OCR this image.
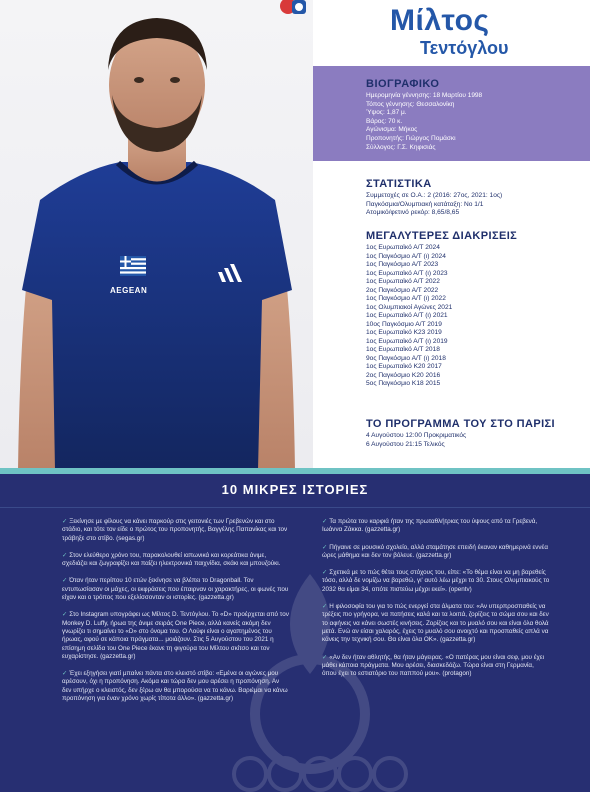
AEGEAN
Μίλτος
Τεντόγλου
ΒΙΟΓΡΑΦΙΚΟ
Ημερομηνία γέννησης: 18 Μαρτίου 1998
Τόπος γέννησης: Θεσσαλονίκη
Ύψος: 1,87 μ.
Βάρος: 70 κ.
Αγώνισμα: Μήκος
Προπονητής: Γιώργος Πομάσκι
Σύλλογος: Γ.Σ. Κηφισιάς
ΣΤΑΤΙΣΤΙΚΑ
Συμμετοχές σε Ο.Α.: 2 (2016: 27ος, 2021: 1ος)
Παγκόσμια/Ολυμπιακή κατάταξη: Νο 1/1
Ατομικό/φετινό ρεκόρ: 8,65/8,65
ΜΕΓΑΛΥΤΕΡΕΣ ΔΙΑΚΡΙΣΕΙΣ
1ος Ευρωπαϊκό Α/Τ 2024
1ος Παγκόσμιο Α/Τ (ι) 2024
1ος Παγκόσμιο Α/Τ 2023
1ος Ευρωπαϊκό Α/Τ (ι) 2023
1ος Ευρωπαϊκό Α/Τ 2022
2ος Παγκόσμιο Α/Τ 2022
1ος Παγκόσμιο Α/Τ (ι) 2022
1ος Ολυμπιακοί Αγώνες 2021
1ος Ευρωπαϊκό Α/Τ (ι) 2021
10ος Παγκόσμιο Α/Τ 2019
1ος Ευρωπαϊκό Κ23 2019
1ος Ευρωπαϊκό Α/Τ (ι) 2019
1ος Ευρωπαϊκό Α/Τ 2018
9ος Παγκόσμιο Α/Τ (ι) 2018
1ος Ευρωπαϊκό Κ20 2017
2ος Παγκόσμιο Κ20 2016
5ος Παγκόσμιο Κ18 2015
ΤΟ ΠΡΟΓΡΑΜΜΑ ΤΟΥ ΣΤΟ ΠΑΡΙΣΙ
4 Αυγούστου 12:00 Προκριματικός
6 Αυγούστου 21:15 Τελικός
10 ΜΙΚΡΕΣ ΙΣΤΟΡΙΕΣ
✓ Ξεκίνησε με φίλους να κάνει παρκούρ στις γειτονιές των Γρεβενών και στο στάδιο, και τότε τον είδε ο πρώτος του προπονητής, Βαγγέλης Παπανίκας και τον τράβηξε στο στίβο. (segas.gr)
✓ Στον ελεύθερο χρόνο του, παρακολουθεί ιαπωνικά και κορεάτικα άνιμε, σχεδιάζει και ζωγραφίζει και παίζει ηλεκτρονικά παιχνίδια, σκάκι και μπουζούκι.
✓ Όταν ήταν περίπου 10 ετών ξεκίνησε να βλέπει το Dragonball. Τον εντυπωσίασαν οι μάχες, οι εκφράσεις που έπαιρναν οι χαρακτήρες, οι φωνές που είχαν και ο τρόπος που εξελίσσονταν οι ιστορίες. (gazzetta.gr)
✓ Στο Instagram υπογράφει ως Μίλτος D. Τεντόγλου. Το «D» προέρχεται από τον Monkey D. Luffy, ήρωα της άνιμε σειράς One Piece, αλλά κανείς ακόμη δεν γνωρίζει τι σημαίνει το «D» στο όνομα του. Ο Λούφι είναι ο αγαπημένος του ήρωας, αφού σε κάποια πράγματα... μοιάζουν. Στις 5 Αυγούστου του 2021 η επίσημη σελίδα του One Piece έκανε τη φιγούρα του Μίλτου σκίτσο και τον ευχαρίστησε. (gazzetta.gr)
✓ Έχει εξηγήσει γιατί μπαίνει πάντα στο κλειστό στίβο: «Εμένα οι αγώνες μου αρέσουν, όχι η προπόνηση. Ακόμα και τώρα δεν μου αρέσει η προπόνηση. Αν δεν υπήρχε ο κλειστός, δεν ξέρω αν θα μπορούσα να το κάνω. Βαριέμαι να κάνω προπόνηση για έναν χρόνο χωρίς τίποτα άλλο». (gazzetta.gr)
✓ Τα πρώτα του καρφιά ήταν της πρωταθλήτριας του ύψους από τα Γρεβενά, Ιωάννα Ζάκκα. (gazzetta.gr)
✓ Πήγαινε σε μουσικό σχολείο, αλλά σταμάτησε επειδή έκαναν καθημερινά εννέα ώρες μάθημα και δεν τον βόλευε. (gazzetta.gr)
✓ Σχετικά με το πώς θέτει τους στόχους του, είπε: «Το θέμα είναι να μη βαρεθείς τόσο, αλλά δε νομίζω να βαρεθώ, γι' αυτό λέω μέχρι το 30. Στους Ολυμπιακούς το 2032 θα είμαι 34, οπότε πιστεύω μέχρι εκεί». (opentv)
✓ Η φιλοσοφία του για το πώς ενεργεί στα άλματα του: «Αν υπερπροσπαθείς να τρέξεις πιο γρήγορα, να πατήσεις καλά και τα λοιπά, ζορίζεις το σώμα σου και δεν το αφήνεις να κάνει σωστές κινήσεις. Ζορίζεις και το μυαλό σου και είναι όλα θολά μετά. Ενώ αν είσαι χαλαρός, έχεις το μυαλό σου ανοιχτό και προσπαθείς απλά να κάνεις την τεχνική σου. Θα είναι όλα OK». (gazzetta.gr)
✓ «Αν δεν ήταν αθλητής, θα ήταν μάγειρας. «Ο πατέρας μου είναι σεφ, μου έχει μάθει κάποια πράγματα. Μου αρέσει, διασκεδάζω. Τώρα είναι στη Γερμανία, όπου έχει το εστιατόριο του παππού μου». (protagon)
